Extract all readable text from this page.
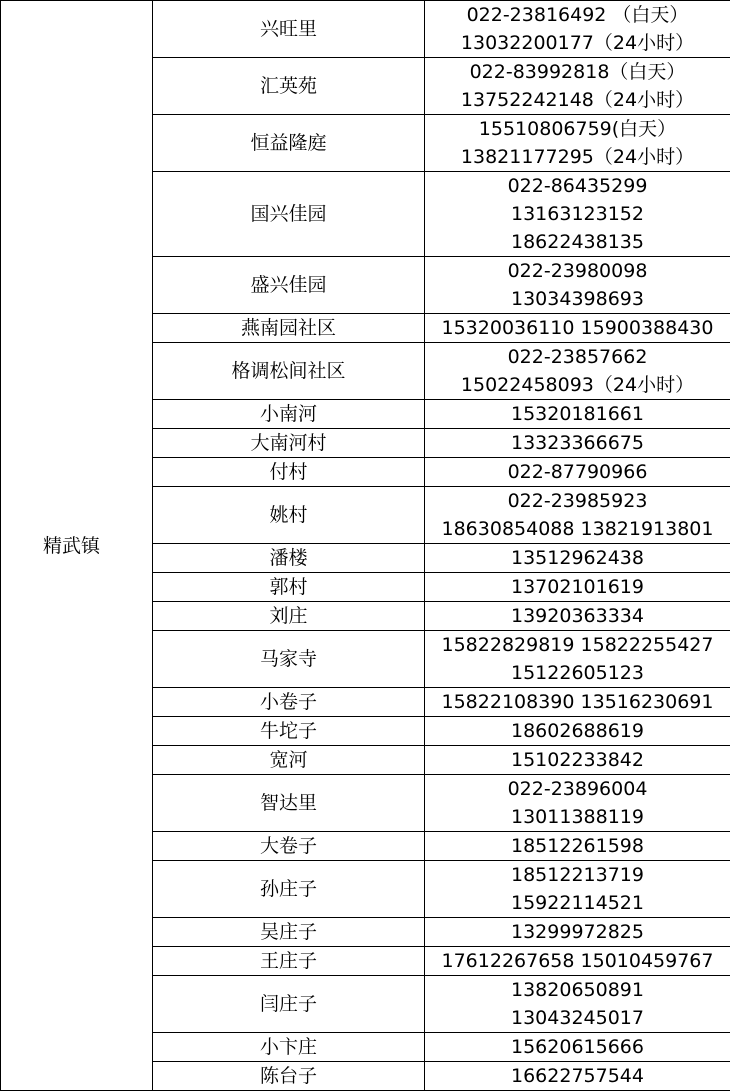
精武镇	兴旺里	022-23816492 （白天）
13032200177（24小时）

	汇英苑	022-83992818（白天）
13752242148（24小时）

	恒益隆庭	15510806759(白天）
13821177295（24小时）

	国兴佳园	022-86435299
13163123152
18622438135

	盛兴佳园	022-23980098
13034398693

	燕南园社区	15320036110 15900388430

	格调松间社区	022-23857662
15022458093（24小时）

	小南河	15320181661

	大南河村	13323366675

	付村	022-87790966

	姚村	022-23985923
18630854088 13821913801

	潘楼	13512962438

	郭村	13702101619

	刘庄	13920363334

	马家寺	15822829819 15822255427
15122605123

	小卷子	15822108390 13516230691

	牛坨子	18602688619

	宽河	15102233842

	智达里	022-23896004
13011388119

	大卷子	18512261598

	孙庄子	18512213719
15922114521

	吴庄子	13299972825

	王庄子	17612267658 15010459767

	闫庄子	13820650891
13043245017

	小卞庄	15620615666

	陈台子	16622757544
